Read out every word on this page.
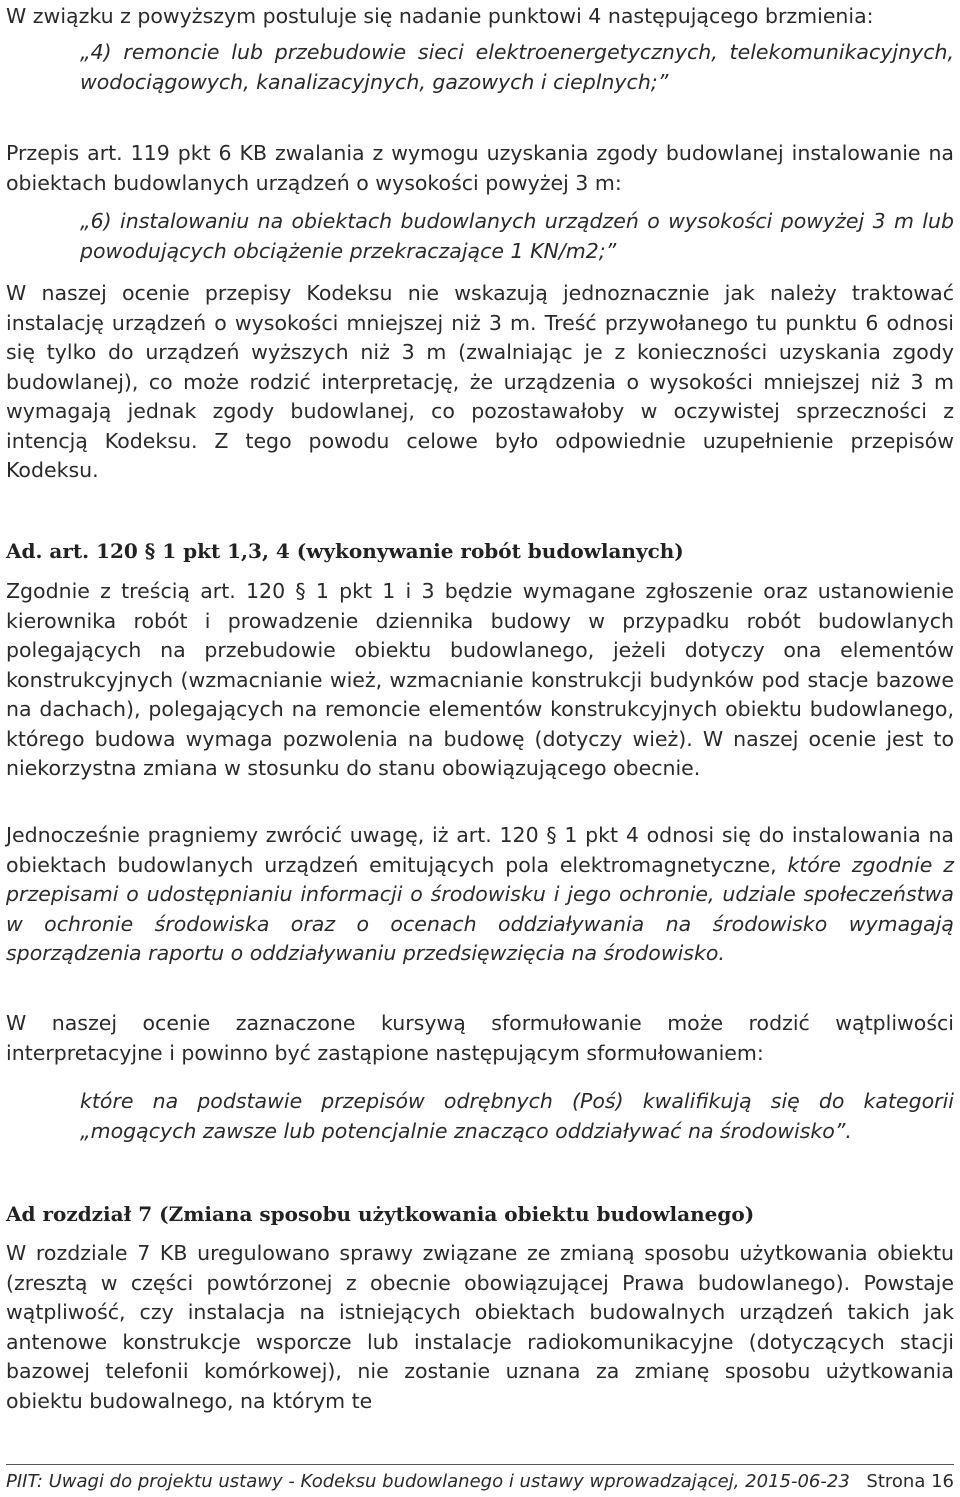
W związku z powyższym postuluje się nadanie punktowi 4 następującego brzmienia:

„4) remoncie lub przebudowie sieci elektroenergetycznych, telekomunikacyjnych, wodociągowych, kanalizacyjnych, gazowych i cieplnych;”

Przepis art. 119 pkt 6 KB zwalania z wymogu uzyskania zgody budowlanej instalowanie na obiektach budowlanych urządzeń o wysokości powyżej 3 m:

„6) instalowaniu na obiektach budowlanych urządzeń o wysokości powyżej 3 m lub powodujących obciążenie przekraczające 1 KN/m2;”

W naszej ocenie przepisy Kodeksu nie wskazują jednoznacznie jak należy traktować instalację urządzeń o wysokości mniejszej niż 3 m. Treść przywołanego tu punktu 6 odnosi się tylko do urządzeń wyższych niż 3 m (zwalniając je z konieczności uzyskania zgody budowlanej), co może rodzić interpretację, że urządzenia o wysokości mniejszej niż 3 m wymagają jednak zgody budowlanej, co pozostawałoby w oczywistej sprzeczności z intencją Kodeksu. Z tego powodu celowe było odpowiednie uzupełnienie przepisów Kodeksu.

Ad. art. 120 § 1 pkt 1,3, 4 (wykonywanie robót budowlanych)

Zgodnie z treścią art. 120 § 1 pkt 1 i 3 będzie wymagane zgłoszenie oraz ustanowienie kierownika robót i prowadzenie dziennika budowy w przypadku robót budowlanych polegających na przebudowie obiektu budowlanego, jeżeli dotyczy ona elementów konstrukcyjnych (wzmacnianie wież, wzmacnianie konstrukcji budynków pod stacje bazowe na dachach), polegających na remoncie elementów konstrukcyjnych obiektu budowlanego, którego budowa wymaga pozwolenia na budowę (dotyczy wież). W naszej ocenie jest to niekorzystna zmiana w stosunku do stanu obowiązującego obecnie.

Jednocześnie pragniemy zwrócić uwagę, iż art. 120 § 1 pkt 4 odnosi się do instalowania na obiektach budowlanych urządzeń emitujących pola elektromagnetyczne, które zgodnie z przepisami o udostępnianiu informacji o środowisku i jego ochronie, udziale społeczeństwa w ochronie środowiska oraz o ocenach oddziaływania na środowisko wymagają sporządzenia raportu o oddziaływaniu przedsięwzięcia na środowisko.

W naszej ocenie zaznaczone kursywą sformułowanie może rodzić wątpliwości interpretacyjne i powinno być zastąpione następującym sformułowaniem:

które na podstawie przepisów odrębnych (Poś) kwalifikują się do kategorii „mogących zawsze lub potencjalnie znacząco oddziaływać na środowisko”.

Ad rozdział 7 (Zmiana sposobu użytkowania obiektu budowlanego)

W rozdziale 7 KB uregulowano sprawy związane ze zmianą sposobu użytkowania obiektu (zresztą w części powtórzonej z obecnie obowiązującej Prawa budowlanego). Powstaje wątpliwość, czy instalacja na istniejących obiektach budowalnych urządzeń takich jak antenowe konstrukcje wsporcze lub instalacje radiokomunikacyjne (dotyczących stacji bazowej telefonii komórkowej), nie zostanie uznana za zmianę sposobu użytkowania obiektu budowalnego, na którym te

PIIT: Uwagi do projektu ustawy - Kodeksu budowlanego i ustawy wprowadzającej, 2015-06-23 Strona 16
